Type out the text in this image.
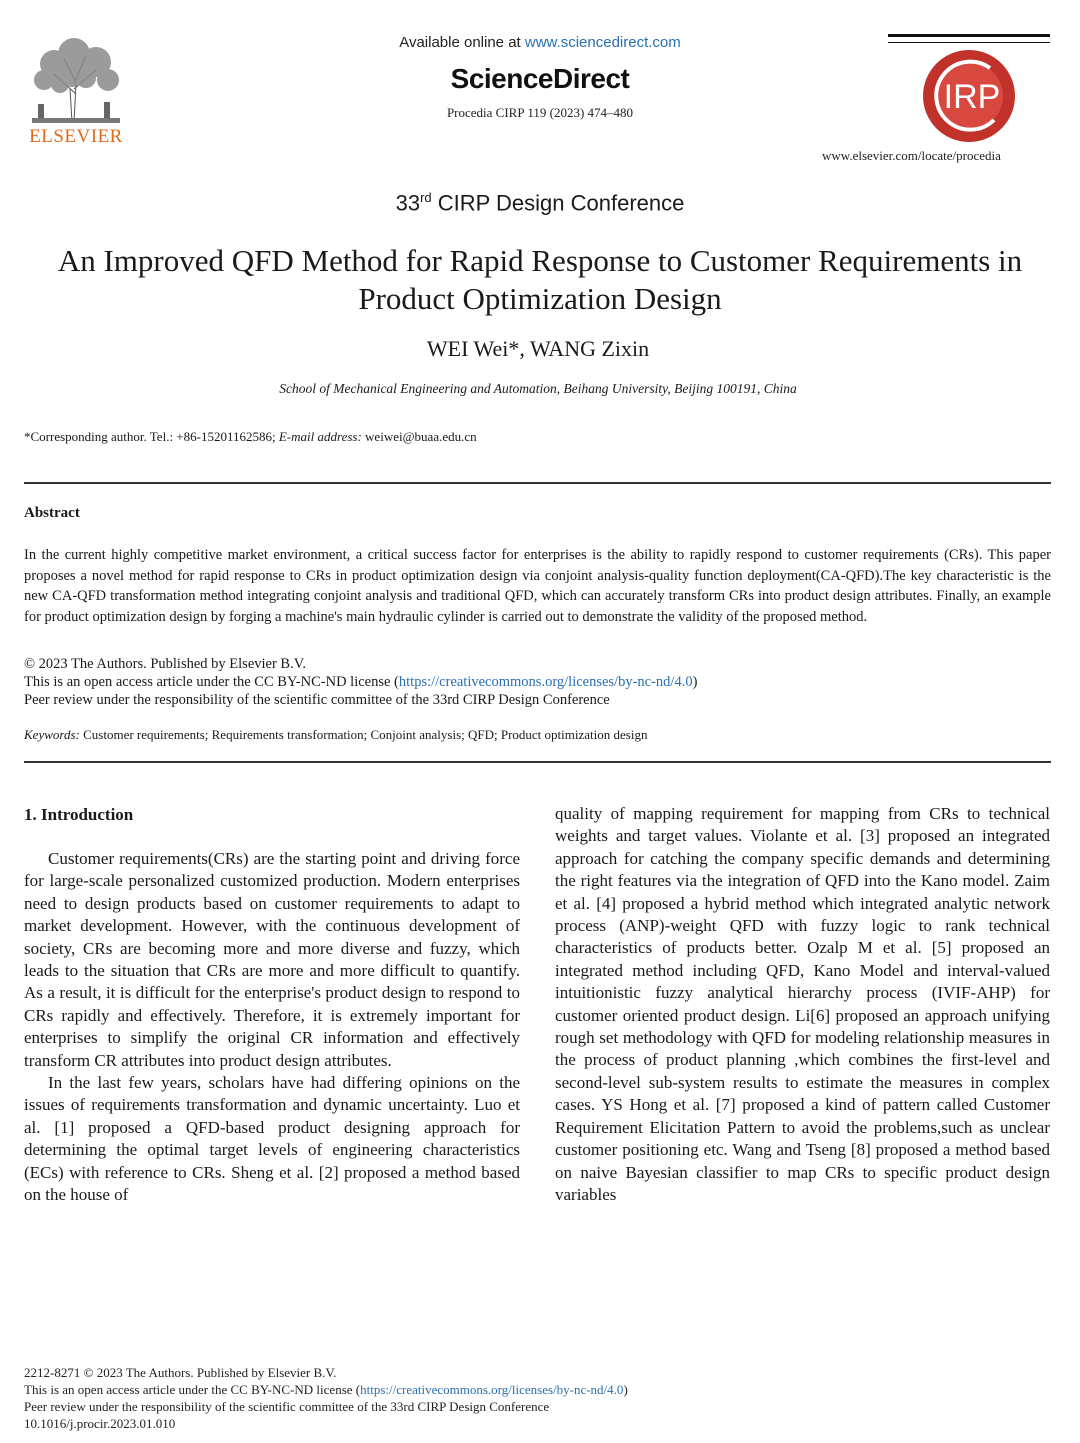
ELSEVIER
Available online at www.sciencedirect.com
ScienceDirect
Procedia CIRP 119 (2023) 474–480	IRP
www.elsevier.com/locate/procedia
33rd CIRP Design Conference
An Improved QFD Method for Rapid Response to Customer Requirements in Product Optimization Design
WEI Wei*, WANG Zixin
School of Mechanical Engineering and Automation, Beihang University, Beijing 100191, China
*Corresponding author. Tel.: +86-15201162586; E-mail address: weiwei@buaa.edu.cn
Abstract
In the current highly competitive market environment, a critical success factor for enterprises is the ability to rapidly respond to customer requirements (CRs). This paper proposes a novel method for rapid response to CRs in product optimization design via conjoint analysis-quality function deployment(CA-QFD).The key characteristic is the new CA-QFD transformation method integrating conjoint analysis and traditional QFD, which can accurately transform CRs into product design attributes. Finally, an example for product optimization design by forging a machine's main hydraulic cylinder is carried out to demonstrate the validity of the proposed method.
© 2023 The Authors. Published by Elsevier B.V.
This is an open access article under the CC BY-NC-ND license (https://creativecommons.org/licenses/by-nc-nd/4.0)
Peer review under the responsibility of the scientific committee of the 33rd CIRP Design Conference
Keywords: Customer requirements; Requirements transformation; Conjoint analysis; QFD; Product optimization design
1. Introduction

Customer requirements(CRs) are the starting point and driving force for large-scale personalized customized production. Modern enterprises need to design products based on customer requirements to adapt to market development. However, with the continuous development of society, CRs are becoming more and more diverse and fuzzy, which leads to the situation that CRs are more and more difficult to quantify. As a result, it is difficult for the enterprise's product design to respond to CRs rapidly and effectively. Therefore, it is extremely important for enterprises to simplify the original CR information and effectively transform CR attributes into product design attributes.

In the last few years, scholars have had differing opinions on the issues of requirements transformation and dynamic uncertainty. Luo et al. [1] proposed a QFD-based product designing approach for determining the optimal target levels of engineering characteristics (ECs) with reference to CRs. Sheng et al. [2] proposed a method based on the house of

quality of mapping requirement for mapping from CRs to technical weights and target values. Violante et al. [3] proposed an integrated approach for catching the company specific demands and determining the right features via the integration of QFD into the Kano model. Zaim et al. [4] proposed a hybrid method which integrated analytic network process (ANP)-weight QFD with fuzzy logic to rank technical characteristics of products better. Ozalp M et al. [5] proposed an integrated method including QFD, Kano Model and interval-valued intuitionistic fuzzy analytical hierarchy process (IVIF-AHP) for customer oriented product design. Li[6] proposed an approach unifying rough set methodology with QFD for modeling relationship measures in the process of product planning ,which combines the first-level and second-level sub-system results to estimate the measures in complex cases. YS Hong et al. [7] proposed a kind of pattern called Customer Requirement Elicitation Pattern to avoid the problems,such as unclear customer positioning etc. Wang and Tseng [8] proposed a method based on naive Bayesian classifier to map CRs to specific product design variables

2212-8271 © 2023 The Authors. Published by Elsevier B.V.
This is an open access article under the CC BY-NC-ND license (https://creativecommons.org/licenses/by-nc-nd/4.0)
Peer review under the responsibility of the scientific committee of the 33rd CIRP Design Conference
10.1016/j.procir.2023.01.010
